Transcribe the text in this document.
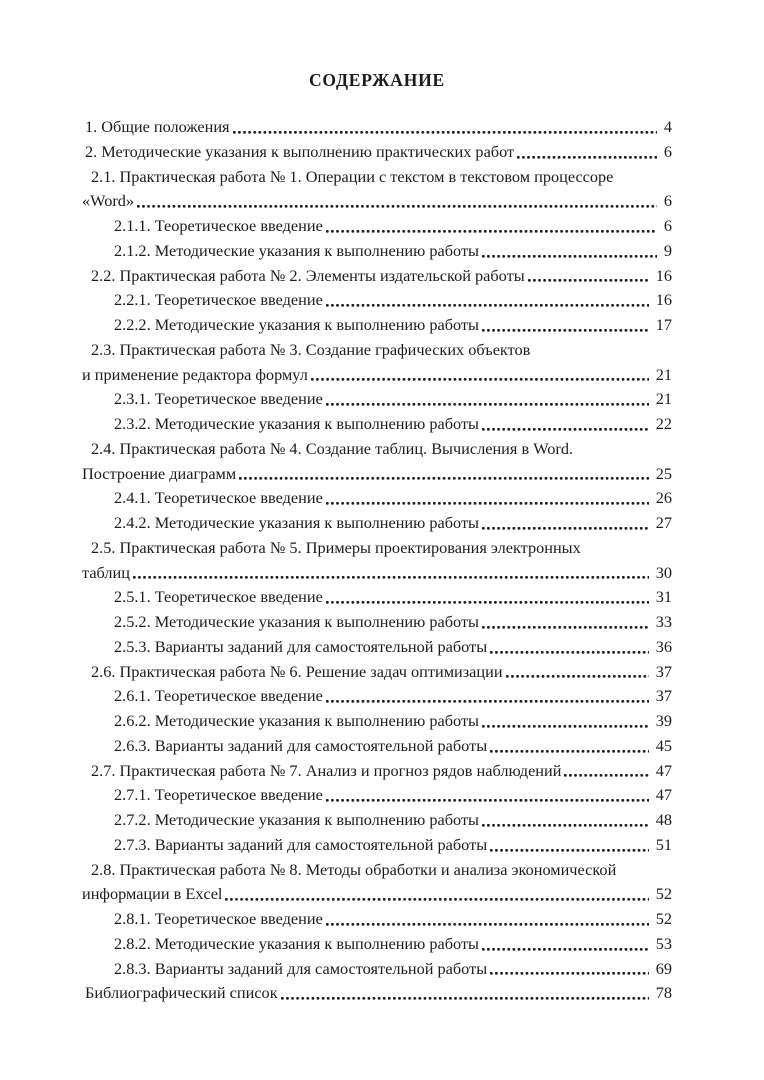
СОДЕРЖАНИЕ
1. Общие положения	4
2. Методические указания к выполнению практических работ	6
2.1. Практическая работа № 1. Операции с текстом в текстовом процессоре
«Word»	6
2.1.1. Теоретическое введение	6
2.1.2. Методические указания к выполнению работы	9
2.2. Практическая работа № 2. Элементы издательской работы	16
2.2.1. Теоретическое введение	16
2.2.2. Методические указания к выполнению работы	17
2.3. Практическая работа № 3. Создание графических объектов
и применение редактора формул	21
2.3.1. Теоретическое введение	21
2.3.2. Методические указания к выполнению работы	22
2.4. Практическая работа № 4. Создание таблиц. Вычисления в Word.
Построение диаграмм	25
2.4.1. Теоретическое введение	26
2.4.2. Методические указания к выполнению работы	27
2.5. Практическая работа № 5. Примеры проектирования электронных
таблиц	30
2.5.1. Теоретическое введение	31
2.5.2. Методические указания к выполнению работы	33
2.5.3. Варианты заданий для самостоятельной работы	36
2.6. Практическая работа № 6. Решение задач оптимизации	37
2.6.1. Теоретическое введение	37
2.6.2. Методические указания к выполнению работы	39
2.6.3. Варианты заданий для самостоятельной работы	45
2.7. Практическая работа № 7. Анализ и прогноз рядов наблюдений	47
2.7.1. Теоретическое введение	47
2.7.2. Методические указания к выполнению работы	48
2.7.3. Варианты заданий для самостоятельной работы	51
2.8. Практическая работа № 8. Методы обработки и анализа экономической
информации в Excel	52
2.8.1. Теоретическое введение	52
2.8.2. Методические указания к выполнению работы	53
2.8.3. Варианты заданий для самостоятельной работы	69
Библиографический список	78
